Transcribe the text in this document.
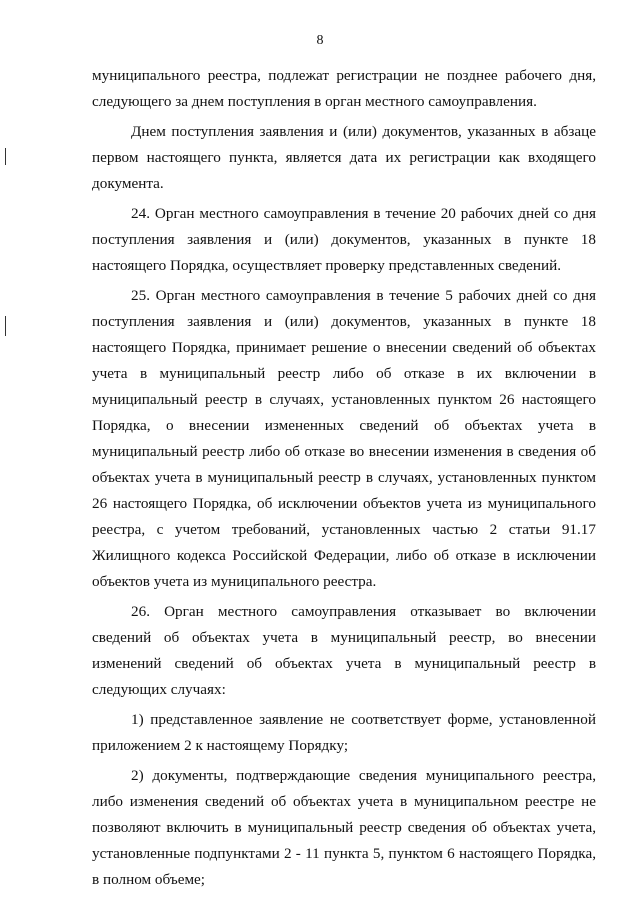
8

муниципального реестра, подлежат регистрации не позднее рабочего дня, следующего за днем поступления в орган местного самоуправления.

Днем поступления заявления и (или) документов, указанных в абзаце первом настоящего пункта, является дата их регистрации как входящего документа.

24. Орган местного самоуправления в течение 20 рабочих дней со дня поступления заявления и (или) документов, указанных в пункте 18 настоящего Порядка, осуществляет проверку представленных сведений.

25. Орган местного самоуправления в течение 5 рабочих дней со дня поступления заявления и (или) документов, указанных в пункте 18 настоящего Порядка, принимает решение о внесении сведений об объектах учета в муниципальный реестр либо об отказе в их включении в муниципальный реестр в случаях, установленных пунктом 26 настоящего Порядка, о внесении измененных сведений об объектах учета в муниципальный реестр либо об отказе во внесении изменения в сведения об объектах учета в муниципальный реестр в случаях, установленных пунктом 26 настоящего Порядка, об исключении объектов учета из муниципального реестра, с учетом требований, установленных частью 2 статьи 91.17 Жилищного кодекса Российской Федерации, либо об отказе в исключении объектов учета из муниципального реестра.

26. Орган местного самоуправления отказывает во включении сведений об объектах учета в муниципальный реестр, во внесении изменений сведений об объектах учета в муниципальный реестр в следующих случаях:

1) представленное заявление не соответствует форме, установленной приложением 2 к настоящему Порядку;

2) документы, подтверждающие сведения муниципального реестра, либо изменения сведений об объектах учета в муниципальном реестре не позволяют включить в муниципальный реестр сведения об объектах учета, установленные подпунктами 2 - 11 пункта 5, пунктом 6 настоящего Порядка, в полном объеме;
